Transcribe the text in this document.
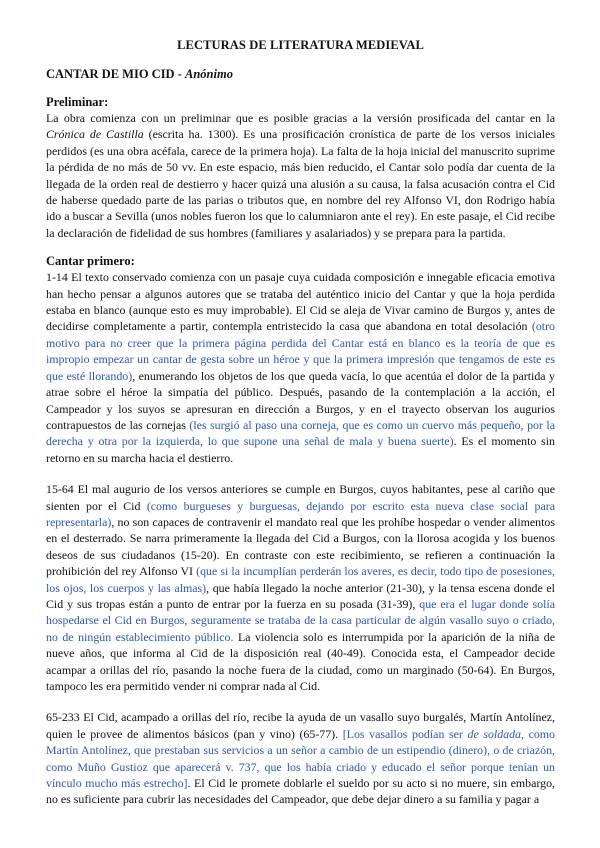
LECTURAS DE LITERATURA MEDIEVAL
CANTAR DE MIO CID - Anónimo
Preliminar:

La obra comienza con un preliminar que es posible gracias a la versión prosificada del cantar en la Crónica de Castilla (escrita ha. 1300). Es una prosificación cronística de parte de los versos iniciales perdidos (es una obra acéfala, carece de la primera hoja). La falta de la hoja inicial del manuscrito suprime la pérdida de no más de 50 vv. En este espacio, más bien reducido, el Cantar solo podía dar cuenta de la llegada de la orden real de destierro y hacer quizá una alusión a su causa, la falsa acusación contra el Cid de haberse quedado parte de las parias o tributos que, en nombre del rey Alfonso VI, don Rodrigo había ido a buscar a Sevilla (unos nobles fueron los que lo calumniaron ante el rey). En este pasaje, el Cid recibe la declaración de fidelidad de sus hombres (familiares y asalariados) y se prepara para la partida.

Cantar primero:

1-14 El texto conservado comienza con un pasaje cuya cuidada composición e innegable eficacia emotiva han hecho pensar a algunos autores que se trataba del auténtico inicio del Cantar y que la hoja perdida estaba en blanco (aunque esto es muy improbable). El Cid se aleja de Vivar camino de Burgos y, antes de decidirse completamente a partir, contempla entristecido la casa que abandona en total desolación (otro motivo para no creer que la primera página perdida del Cantar está en blanco es la teoría de que es impropio empezar un cantar de gesta sobre un héroe y que la primera impresión que tengamos de este es que esté llorando), enumerando los objetos de los que queda vacía, lo que acentúa el dolor de la partida y atrae sobre el héroe la simpatía del público. Después, pasando de la contemplación a la acción, el Campeador y los suyos se apresuran en dirección a Burgos, y en el trayecto observan los augurios contrapuestos de las cornejas (les surgió al paso una corneja, que es como un cuervo más pequeño, por la derecha y otra por la izquierda, lo que supone una señal de mala y buena suerte). Es el momento sin retorno en su marcha hacia el destierro.

15-64 El mal augurio de los versos anteriores se cumple en Burgos, cuyos habitantes, pese al cariño que sienten por el Cid (como burgueses y burguesas, dejando por escrito esta nueva clase social para representarla), no son capaces de contravenir el mandato real que les prohíbe hospedar o vender alimentos en el desterrado. Se narra primeramente la llegada del Cid a Burgos, con la llorosa acogida y los buenos deseos de sus ciudadanos (15-20). En contraste con este recibimiento, se refieren a continuación la prohibición del rey Alfonso VI (que si la incumplían perderán los averes, es decir, todo tipo de posesiones, los ojos, los cuerpos y las almas), que había llegado la noche anterior (21-30), y la tensa escena donde el Cid y sus tropas están a punto de entrar por la fuerza en su posada (31-39), que era el lugar donde solía hospedarse el Cid en Burgos, seguramente se trataba de la casa particular de algún vasallo suyo o criado, no de ningún establecimiento público. La violencia solo es interrumpida por la aparición de la niña de nueve años, que informa al Cid de la disposición real (40-49). Conocida esta, el Campeador decide acampar a orillas del río, pasando la noche fuera de la ciudad, como un marginado (50-64). En Burgos, tampoco les era permitido vender ni comprar nada al Cid.

65-233 El Cid, acampado a orillas del río, recibe la ayuda de un vasallo suyo burgalés, Martín Antolínez, quien le provee de alimentos básicos (pan y vino) (65-77). [Los vasallos podían ser de soldada, como Martín Antolínez, que prestaban sus servicios a un señor a cambio de un estipendio (dinero), o de criazón, como Muño Gustioz que aparecerá v. 737, que los había criado y educado el señor porque tenían un vínculo mucho más estrecho]. El Cid le promete doblarle el sueldo por su acto si no muere, sin embargo, no es suficiente para cubrir las necesidades del Campeador, que debe dejar dinero a su familia y pagar a
